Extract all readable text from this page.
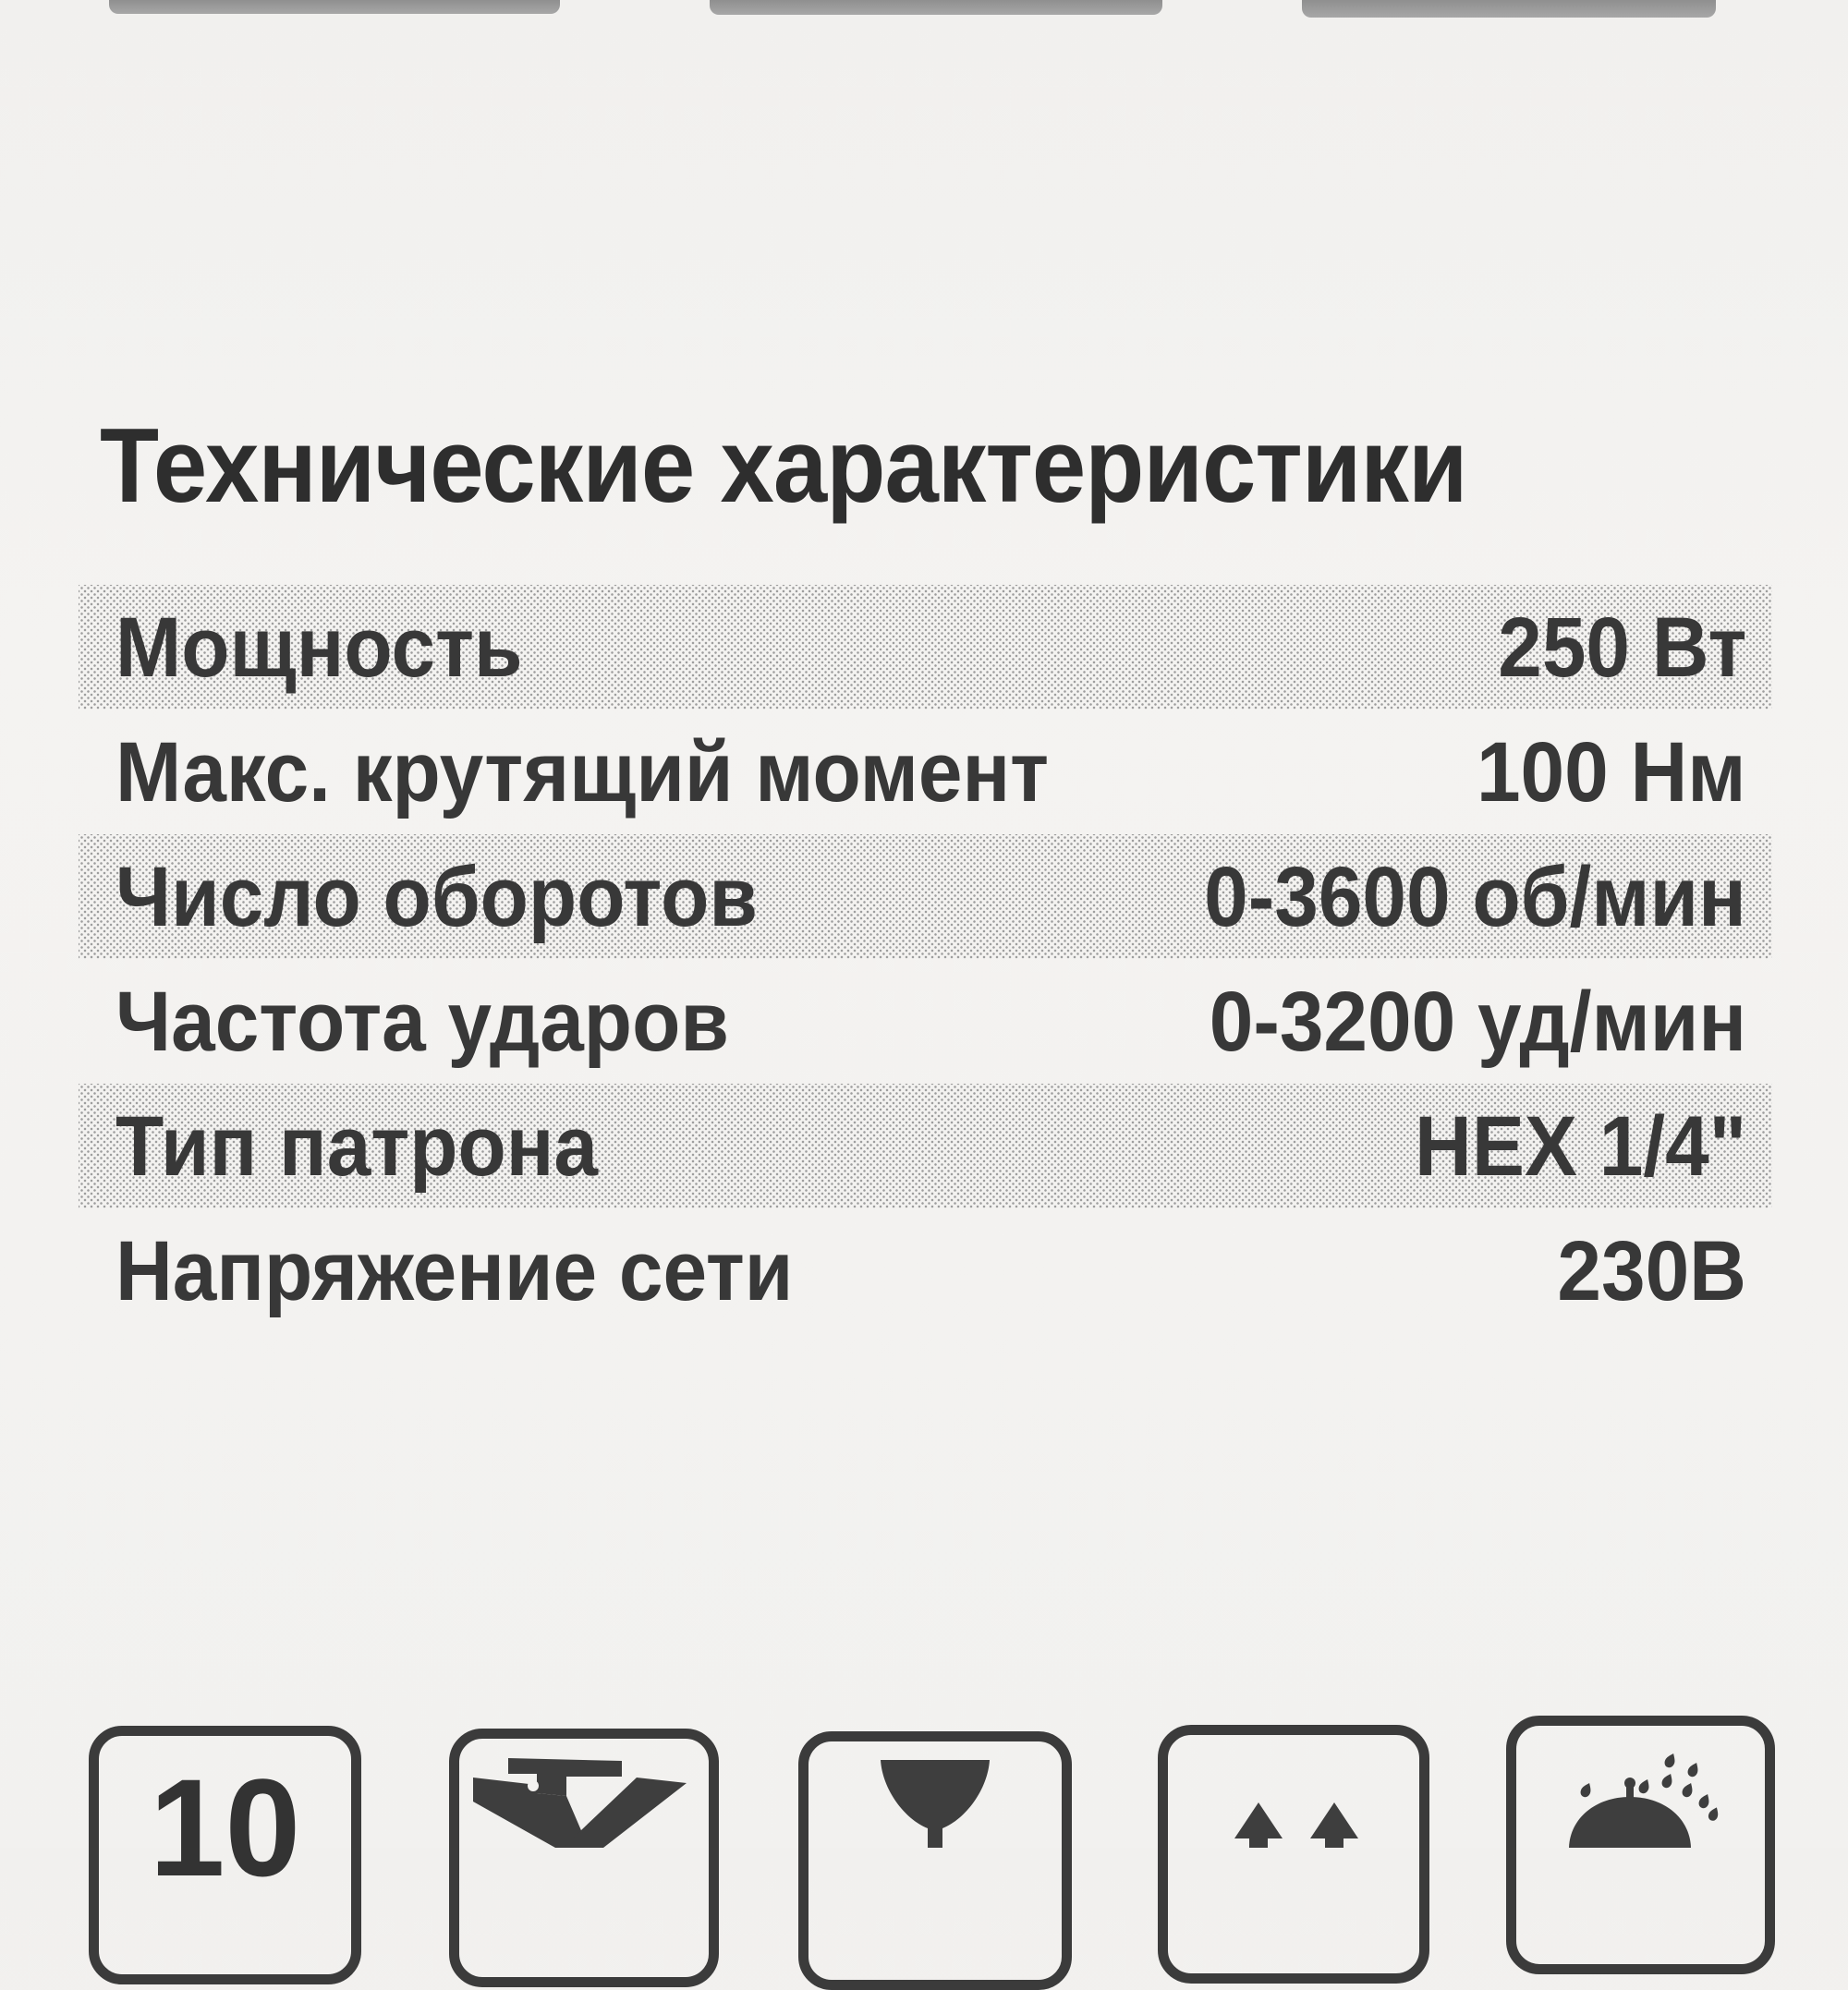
Технические характеристики
Мощность	250 Вт
Макс. крутящий момент	100 Нм
Число оборотов	0-3600 об/мин
Частота ударов	0-3200 уд/мин
Тип патрона	HEX 1/4"
Напряжение сети	230В
10
